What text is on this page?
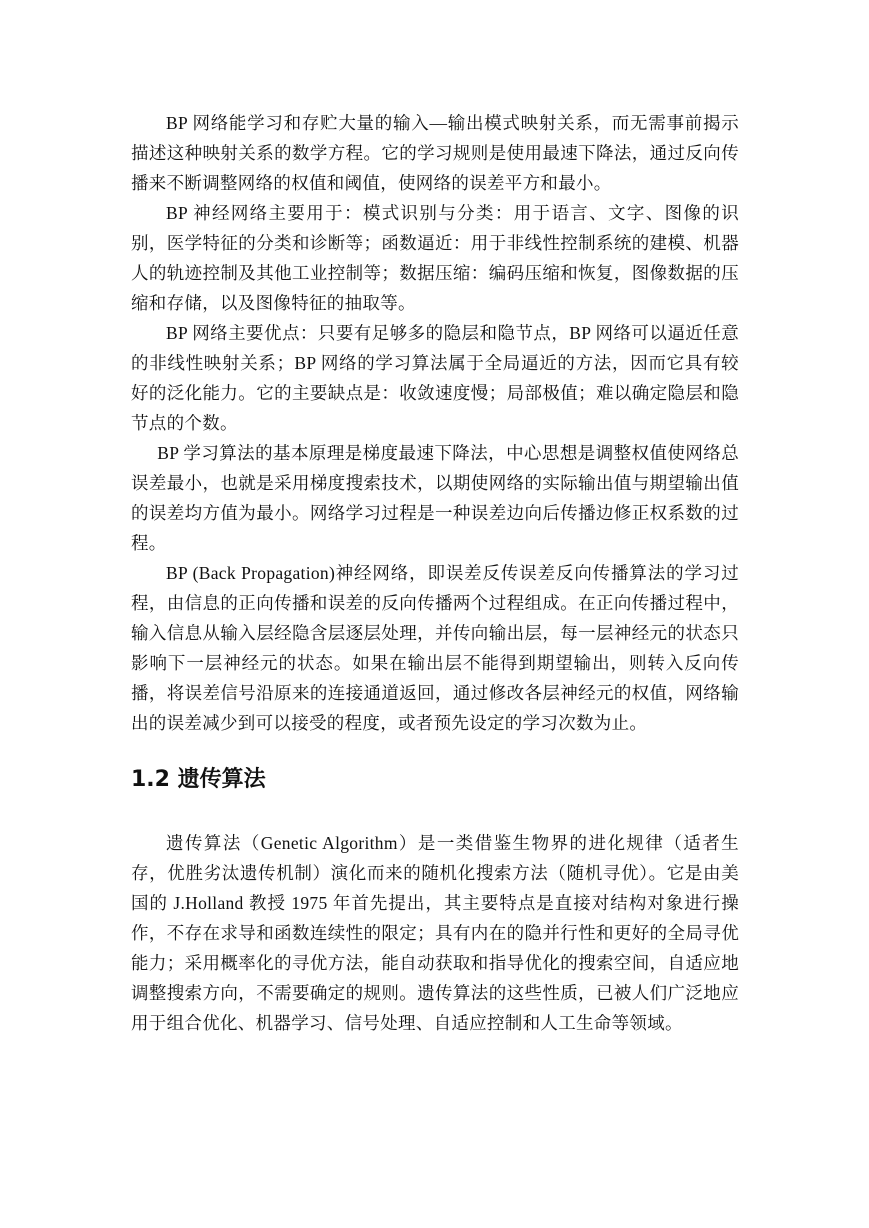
BP 网络能学习和存贮大量的输入—输出模式映射关系，而无需事前揭示描述这种映射关系的数学方程。它的学习规则是使用最速下降法，通过反向传播来不断调整网络的权值和阈值，使网络的误差平方和最小。

BP 神经网络主要用于：模式识别与分类：用于语言、文字、图像的识别，医学特征的分类和诊断等；函数逼近：用于非线性控制系统的建模、机器人的轨迹控制及其他工业控制等；数据压缩：编码压缩和恢复，图像数据的压缩和存储，以及图像特征的抽取等。

BP 网络主要优点：只要有足够多的隐层和隐节点，BP 网络可以逼近任意的非线性映射关系；BP 网络的学习算法属于全局逼近的方法，因而它具有较好的泛化能力。它的主要缺点是：收敛速度慢；局部极值；难以确定隐层和隐节点的个数。

BP 学习算法的基本原理是梯度最速下降法，中心思想是调整权值使网络总误差最小，也就是采用梯度搜索技术，以期使网络的实际输出值与期望输出值的误差均方值为最小。网络学习过程是一种误差边向后传播边修正权系数的过程。

BP (Back Propagation)神经网络，即误差反传误差反向传播算法的学习过程，由信息的正向传播和误差的反向传播两个过程组成。在正向传播过程中，输入信息从输入层经隐含层逐层处理，并传向输出层，每一层神经元的状态只影响下一层神经元的状态。如果在输出层不能得到期望输出，则转入反向传播，将误差信号沿原来的连接通道返回，通过修改各层神经元的权值，网络输出的误差减少到可以接受的程度，或者预先设定的学习次数为止。

1.2 遗传算法

遗传算法（Genetic Algorithm）是一类借鉴生物界的进化规律（适者生存，优胜劣汰遗传机制）演化而来的随机化搜索方法（随机寻优）。它是由美国的 J.Holland 教授 1975 年首先提出，其主要特点是直接对结构对象进行操作，不存在求导和函数连续性的限定；具有内在的隐并行性和更好的全局寻优能力；采用概率化的寻优方法，能自动获取和指导优化的搜索空间，自适应地调整搜索方向，不需要确定的规则。遗传算法的这些性质，已被人们广泛地应用于组合优化、机器学习、信号处理、自适应控制和人工生命等领域。
